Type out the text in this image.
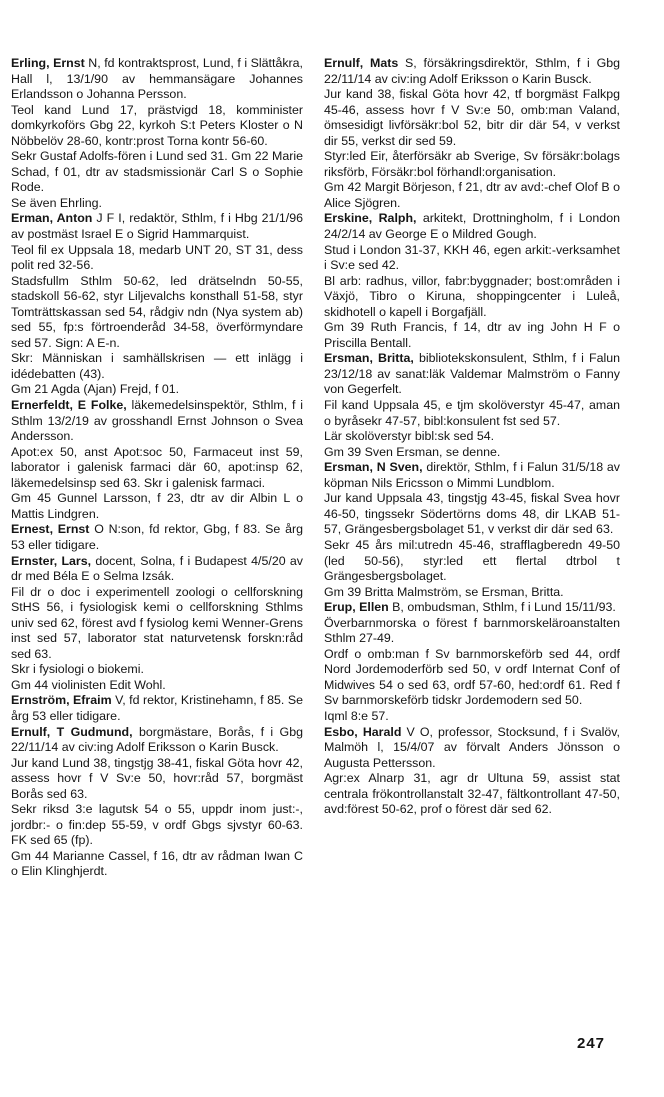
Erling, Ernst N, fd kontraktsprost, Lund, f i Slättåkra, Hall l, 13/1/90 av hemmansägare Johannes Erlandsson o Johanna Persson.

Teol kand Lund 17, prästvigd 18, komminister domkyrkoförs Gbg 22, kyrkoh S:t Peters Kloster o N Nöbbelöv 28-60, kontr:prost Torna kontr 56-60.

Sekr Gustaf Adolfs-fören i Lund sed 31. Gm 22 Marie Schad, f 01, dtr av stadsmissionär Carl S o Sophie Rode.

Se även Ehrling.

Erman, Anton J F I, redaktör, Sthlm, f i Hbg 21/1/96 av postmäst Israel E o Sigrid Hammarquist.

Teol fil ex Uppsala 18, medarb UNT 20, ST 31, dess polit red 32-56.

Stadsfullm Sthlm 50-62, led drätselndn 50-55, stadskoll 56-62, styr Liljevalchs konsthall 51-58, styr Tomträttskassan sed 54, rådgiv ndn (Nya system ab) sed 55, fp:s förtroenderåd 34-58, överförmyndare sed 57. Sign: A E-n.

Skr: Människan i samhällskrisen — ett inlägg i idédebatten (43).

Gm 21 Agda (Ajan) Frejd, f 01.

Ernerfeldt, E Folke, läkemedelsinspektör, Sthlm, f i Sthlm 13/2/19 av grosshandl Ernst Johnson o Svea Andersson.

Apot:ex 50, anst Apot:soc 50, Farmaceut inst 59, laborator i galenisk farmaci där 60, apot:insp 62, läkemedelsinsp sed 63. Skr i galenisk farmaci.

Gm 45 Gunnel Larsson, f 23, dtr av dir Albin L o Mattis Lindgren.

Ernest, Ernst O N:son, fd rektor, Gbg, f 83. Se årg 53 eller tidigare.

Ernster, Lars, docent, Solna, f i Budapest 4/5/20 av dr med Béla E o Selma Izsák.

Fil dr o doc i experimentell zoologi o cellforskning StHS 56, i fysiologisk kemi o cellforskning Sthlms univ sed 62, förest avd f fysiolog kemi Wenner-Grens inst sed 57, laborator stat naturvetensk forskn:råd sed 63.

Skr i fysiologi o biokemi.

Gm 44 violinisten Edit Wohl.

Ernström, Efraim V, fd rektor, Kristinehamn, f 85. Se årg 53 eller tidigare.

Ernulf, T Gudmund, borgmästare, Borås, f i Gbg 22/11/14 av civ:ing Adolf Eriksson o Karin Busck.

Jur kand Lund 38, tingstjg 38-41, fiskal Göta hovr 42, assess hovr f V Sv:e 50, hovr:råd 57, borgmäst Borås sed 63.

Sekr riksd 3:e lagutsk 54 o 55, uppdr inom just:-, jordbr:- o fin:dep 55-59, v ordf Gbgs sjvstyr 60-63. FK sed 65 (fp).

Gm 44 Marianne Cassel, f 16, dtr av rådman Iwan C o Elin Klinghjerdt.

Ernulf, Mats S, försäkringsdirektör, Sthlm, f i Gbg 22/11/14 av civ:ing Adolf Eriksson o Karin Busck.

Jur kand 38, fiskal Göta hovr 42, tf borgmäst Falkpg 45-46, assess hovr f V Sv:e 50, omb:man Valand, ömsesidigt livförsäkr:bol 52, bitr dir där 54, v verkst dir 55, verkst dir sed 59.

Styr:led Eir, återförsäkr ab Sverige, Sv försäkr:bolags riksförb, Försäkr:bol förhandl:organisation.

Gm 42 Margit Börjeson, f 21, dtr av avd:-chef Olof B o Alice Sjögren.

Erskine, Ralph, arkitekt, Drottningholm, f i London 24/2/14 av George E o Mildred Gough.

Stud i London 31-37, KKH 46, egen arkit:-verksamhet i Sv:e sed 42.

Bl arb: radhus, villor, fabr:byggnader; bost:områden i Växjö, Tibro o Kiruna, shoppingcenter i Luleå, skidhotell o kapell i Borgafjäll.

Gm 39 Ruth Francis, f 14, dtr av ing John H F o Priscilla Bentall.

Ersman, Britta, bibliotekskonsulent, Sthlm, f i Falun 23/12/18 av sanat:läk Valdemar Malmström o Fanny von Gegerfelt.

Fil kand Uppsala 45, e tjm skolöverstyr 45-47, aman o byråsekr 47-57, bibl:konsulent fst sed 57.

Lär skolöverstyr bibl:sk sed 54.

Gm 39 Sven Ersman, se denne.

Ersman, N Sven, direktör, Sthlm, f i Falun 31/5/18 av köpman Nils Ericsson o Mimmi Lundblom.

Jur kand Uppsala 43, tingstjg 43-45, fiskal Svea hovr 46-50, tingssekr Södertörns doms 48, dir LKAB 51-57, Grängesbergsbolaget 51, v verkst dir där sed 63.

Sekr 45 års mil:utredn 45-46, strafflagberedn 49-50 (led 50-56), styr:led ett flertal dtrbol t Grängesbergsbolaget.

Gm 39 Britta Malmström, se Ersman, Britta.

Erup, Ellen B, ombudsman, Sthlm, f i Lund 15/11/93.

Överbarnmorska o förest f barnmorskeläroanstalten Sthlm 27-49.

Ordf o omb:man f Sv barnmorskeförb sed 44, ordf Nord Jordemoderförb sed 50, v ordf Internat Conf of Midwives 54 o sed 63, ordf 57-60, hed:ordf 61. Red f Sv barnmorskeförb tidskr Jordemodern sed 50.

Iqml 8:e 57.

Esbo, Harald V O, professor, Stocksund, f i Svalöv, Malmöh l, 15/4/07 av förvalt Anders Jönsson o Augusta Pettersson.

Agr:ex Alnarp 31, agr dr Ultuna 59, assist stat centrala frökontrollanstalt 32-47, fältkontrollant 47-50, avd:förest 50-62, prof o förest där sed 62.

247
